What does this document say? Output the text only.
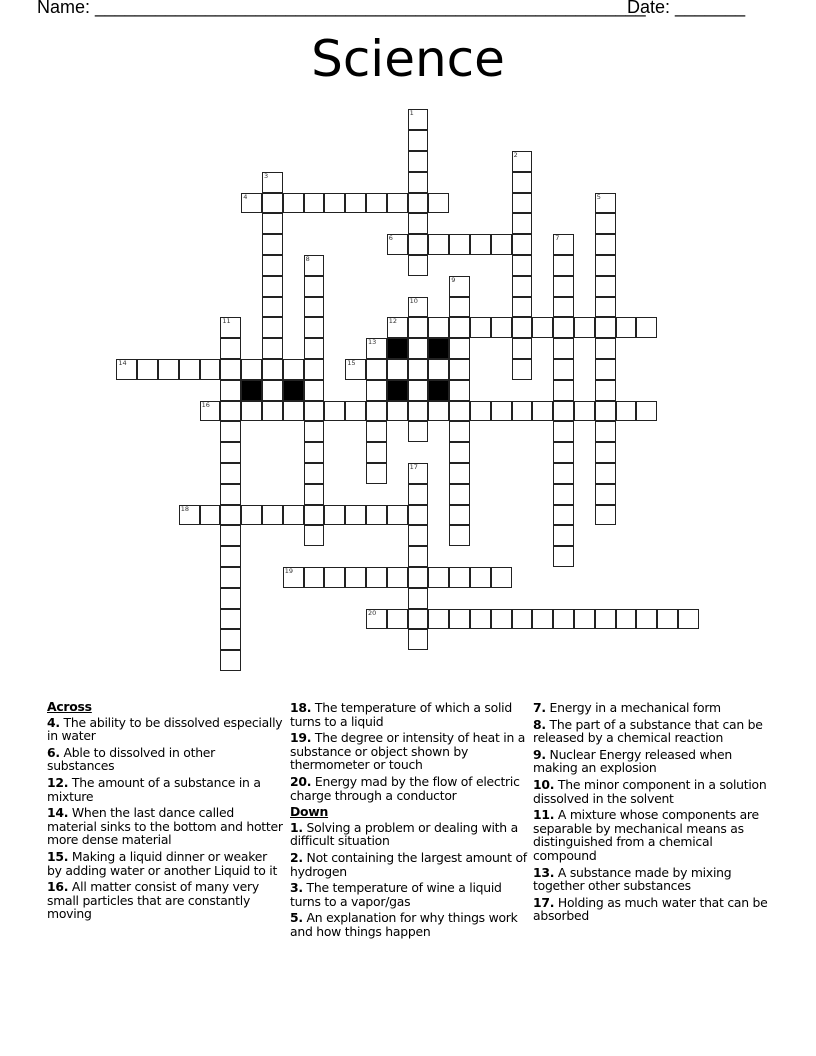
Name: _______________________________________________________
Date: _______
Science
1
2
3
4	5
6	7
8
9
10
11	12
13
14	15
16
17
18
19
20
Across
4. The ability to be dissolved especially in water
6. Able to dissolved in other substances
12. The amount of a substance in a mixture
14. When the last dance called material sinks to the bottom and hotter more dense material
15. Making a liquid dinner or weaker by adding water or another Liquid to it
16. All matter consist of many very small particles that are constantly moving
18. The temperature of which a solid turns to a liquid
19. The degree or intensity of heat in a substance or object shown by thermometer or touch
20. Energy mad by the flow of electric charge through a conductor
Down
1. Solving a problem or dealing with a difficult situation
2. Not containing the largest amount of hydrogen
3. The temperature of wine a liquid turns to a vapor/gas
5. An explanation for why things work and how things happen
7. Energy in a mechanical form
8. The part of a substance that can be released by a chemical reaction
9. Nuclear Energy released when making an explosion
10. The minor component in a solution dissolved in the solvent
11. A mixture whose components are separable by mechanical means as distinguished from a chemical compound
13. A substance made by mixing together other substances
17. Holding as much water that can be absorbed
